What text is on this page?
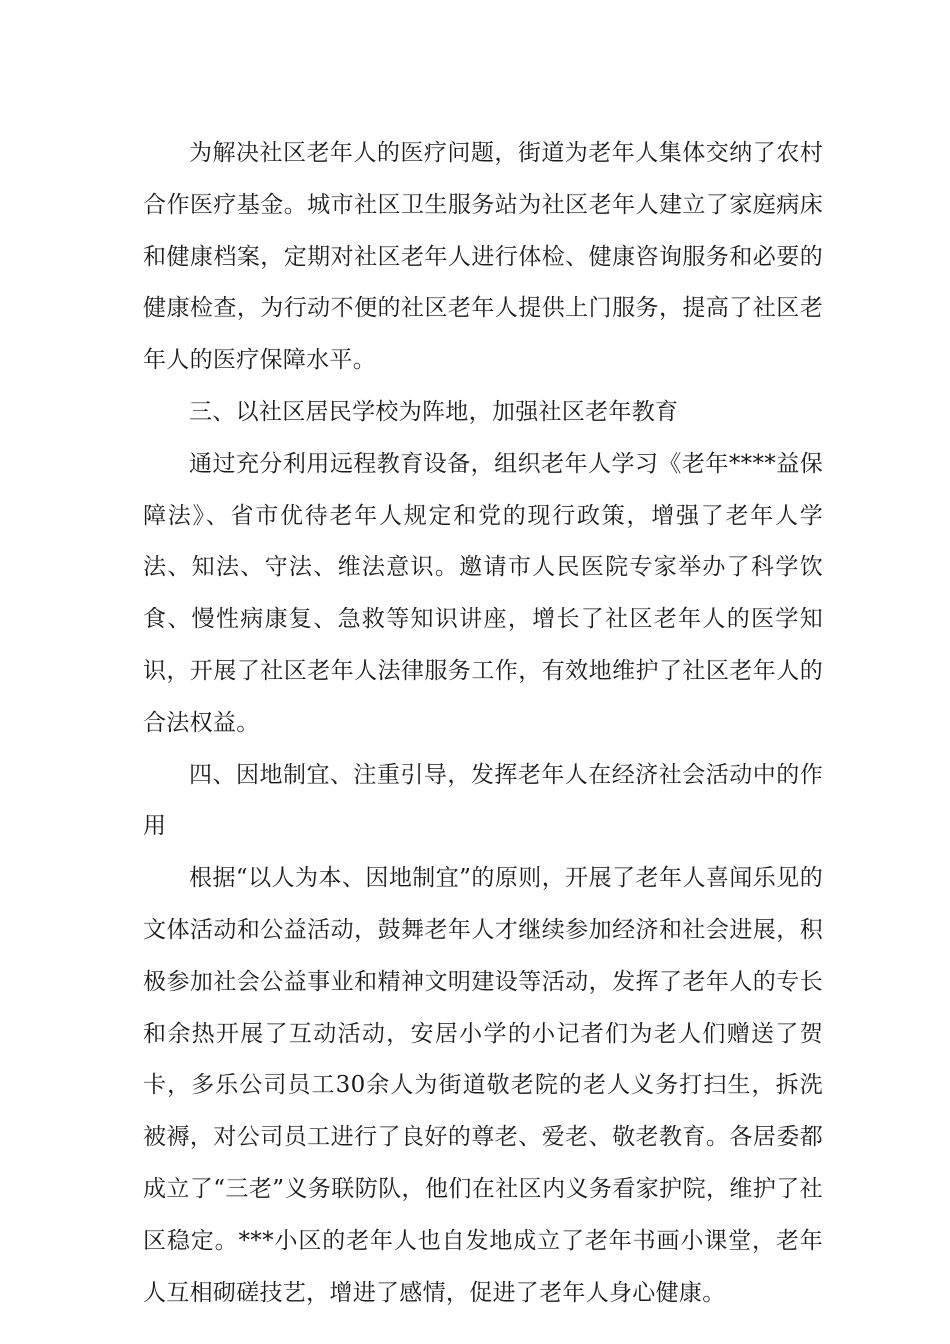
为解决社区老年人的医疗问题，街道为老年人集体交纳了农村合作医疗基金。城市社区卫生服务站为社区老年人建立了家庭病床和健康档案，定期对社区老年人进行体检、健康咨询服务和必要的健康检查，为行动不便的社区老年人提供上门服务，提高了社区老年人的医疗保障水平。

三、以社区居民学校为阵地，加强社区老年教育

通过充分利用远程教育设备，组织老年人学习《老年****益保障法》、省市优待老年人规定和党的现行政策，增强了老年人学法、知法、守法、维法意识。邀请市人民医院专家举办了科学饮食、慢性病康复、急救等知识讲座，增长了社区老年人的医学知识，开展了社区老年人法律服务工作，有效地维护了社区老年人的合法权益。

四、因地制宜、注重引导，发挥老年人在经济社会活动中的作用

根据“以人为本、因地制宜”的原则，开展了老年人喜闻乐见的文体活动和公益活动，鼓舞老年人才继续参加经济和社会进展，积极参加社会公益事业和精神文明建设等活动，发挥了老年人的专长和余热开展了互动活动，安居小学的小记者们为老人们赠送了贺卡，多乐公司员工30余人为街道敬老院的老人义务打扫生，拆洗被褥，对公司员工进行了良好的尊老、爱老、敬老教育。各居委都成立了“三老”义务联防队，他们在社区内义务看家护院，维护了社区稳定。***小区的老年人也自发地成立了老年书画小课堂，老年人互相砌磋技艺，增进了感情，促进了老年人身心健康。
